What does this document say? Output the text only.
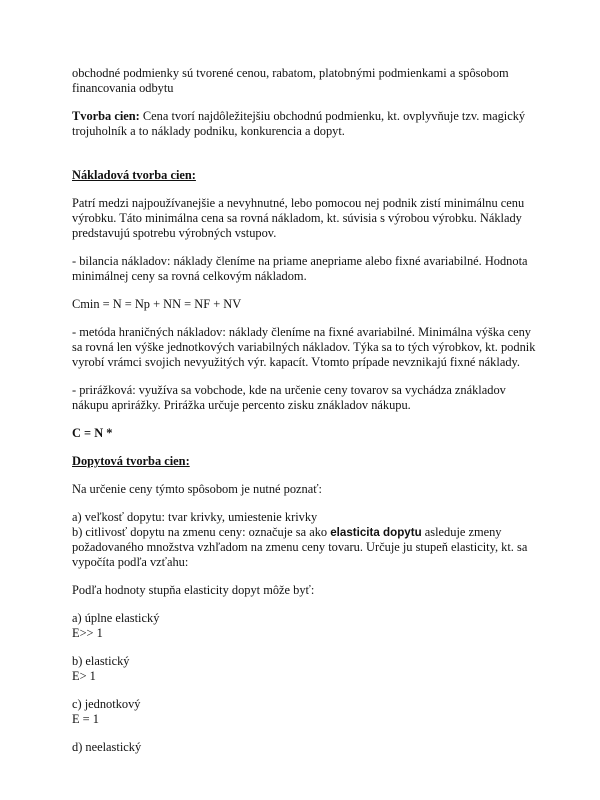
obchodné podmienky sú tvorené cenou, rabatom, platobnými podmienkami a spôsobom financovania odbytu

Tvorba cien: Cena tvorí najdôležitejšiu obchodnú podmienku, kt. ovplyvňuje tzv. magický trojuholník a to náklady podniku, konkurencia a dopyt.

Nákladová tvorba cien:

Patrí medzi najpoužívanejšie a nevyhnutné, lebo pomocou nej podnik zistí minimálnu cenu výrobku. Táto minimálna cena sa rovná nákladom, kt. súvisia s výrobou výrobku. Náklady predstavujú spotrebu výrobných vstupov.

- bilancia nákladov: náklady členíme na priame anepriame alebo fixné avariabilné. Hodnota minimálnej ceny sa rovná celkovým nákladom.

Cmin = N = Np + NN = NF + NV

- metóda hraničných nákladov: náklady členíme na fixné avariabilné. Minimálna výška ceny sa rovná len výške jednotkových variabilných nákladov. Týka sa to tých výrobkov, kt. podnik vyrobí vrámci svojich nevyužitých výr. kapacít. Vtomto prípade nevznikajú fixné náklady.

- prirážková: využíva sa vobchode, kde na určenie ceny tovarov sa vychádza znákladov nákupu aprirážky. Prirážka určuje percento zisku znákladov nákupu.

C = N *

Dopytová tvorba cien:

Na určenie ceny týmto spôsobom je nutné poznať:

a) veľkosť dopytu: tvar krivky, umiestenie krivky
b) citlivosť dopytu na zmenu ceny: označuje sa ako elasticita dopytu asleduje zmeny požadovaného množstva vzhľadom na zmenu ceny tovaru. Určuje ju stupeň elasticity, kt. sa vypočíta podľa vzťahu:

Podľa hodnoty stupňa elasticity dopyt môže byť:

a) úplne elastický
E>> 1

b) elastický
E> 1

c) jednotkový
E = 1

d) neelastický
